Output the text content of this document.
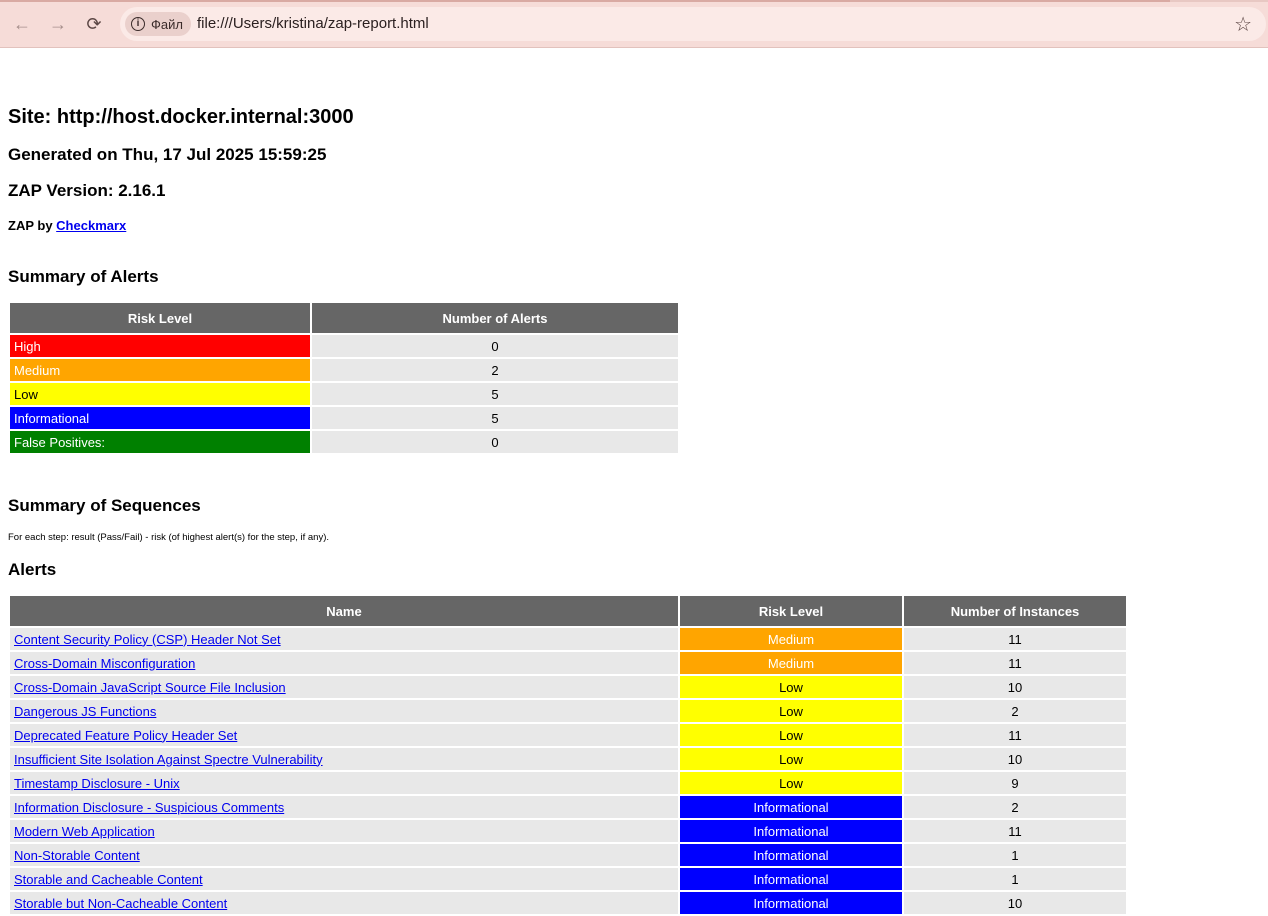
← →	⟳	i Файл file:///Users/kristina/zap-report.html	☆
Site: http://host.docker.internal:3000
Generated on Thu, 17 Jul 2025 15:59:25
ZAP Version: 2.16.1
ZAP by Checkmarx
Summary of Alerts
Risk Level	Number of Alerts
High	0
Medium	2
Low	5
Informational	5
False Positives:	0
Summary of Sequences
For each step: result (Pass/Fail) - risk (of highest alert(s) for the step, if any).
Alerts
Name	Risk Level	Number of Instances
Content Security Policy (CSP) Header Not Set	Medium	11
Cross-Domain Misconfiguration	Medium	11
Cross-Domain JavaScript Source File Inclusion	Low	10
Dangerous JS Functions	Low	2
Deprecated Feature Policy Header Set	Low	11
Insufficient Site Isolation Against Spectre Vulnerability	Low	10
Timestamp Disclosure - Unix	Low	9
Information Disclosure - Suspicious Comments	Informational	2
Modern Web Application	Informational	11
Non-Storable Content	Informational	1
Storable and Cacheable Content	Informational	1
Storable but Non-Cacheable Content	Informational	10
